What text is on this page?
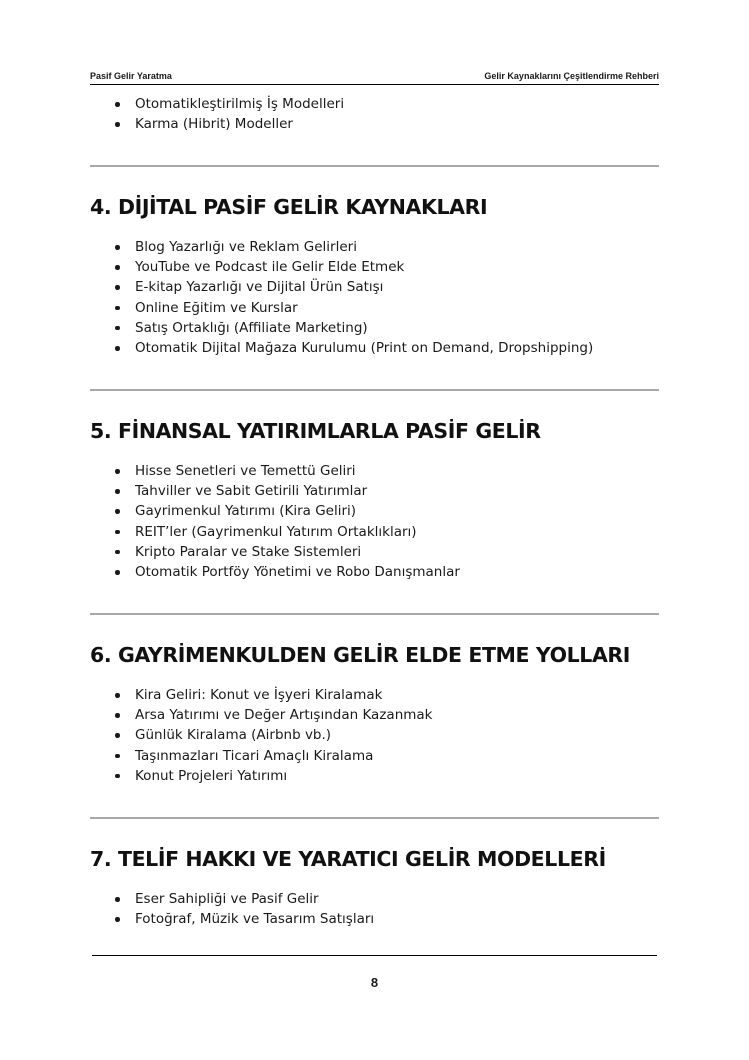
Pasif Gelir Yaratma	Gelir Kaynaklarını Çeşitlendirme Rehberi
Otomatikleştirilmiş İş Modelleri
Karma (Hibrit) Modeller
4. DİJİTAL PASİF GELİR KAYNAKLARI
Blog Yazarlığı ve Reklam Gelirleri
YouTube ve Podcast ile Gelir Elde Etmek
E-kitap Yazarlığı ve Dijital Ürün Satışı
Online Eğitim ve Kurslar
Satış Ortaklığı (Affiliate Marketing)
Otomatik Dijital Mağaza Kurulumu (Print on Demand, Dropshipping)
5. FİNANSAL YATIRIMLARLA PASİF GELİR
Hisse Senetleri ve Temettü Geliri
Tahviller ve Sabit Getirili Yatırımlar
Gayrimenkul Yatırımı (Kira Geliri)
REIT’ler (Gayrimenkul Yatırım Ortaklıkları)
Kripto Paralar ve Stake Sistemleri
Otomatik Portföy Yönetimi ve Robo Danışmanlar
6. GAYRİMENKULDEN GELİR ELDE ETME YOLLARI
Kira Geliri: Konut ve İşyeri Kiralamak
Arsa Yatırımı ve Değer Artışından Kazanmak
Günlük Kiralama (Airbnb vb.)
Taşınmazları Ticari Amaçlı Kiralama
Konut Projeleri Yatırımı
7. TELİF HAKKI VE YARATICI GELİR MODELLERİ
Eser Sahipliği ve Pasif Gelir
Fotoğraf, Müzik ve Tasarım Satışları
8
